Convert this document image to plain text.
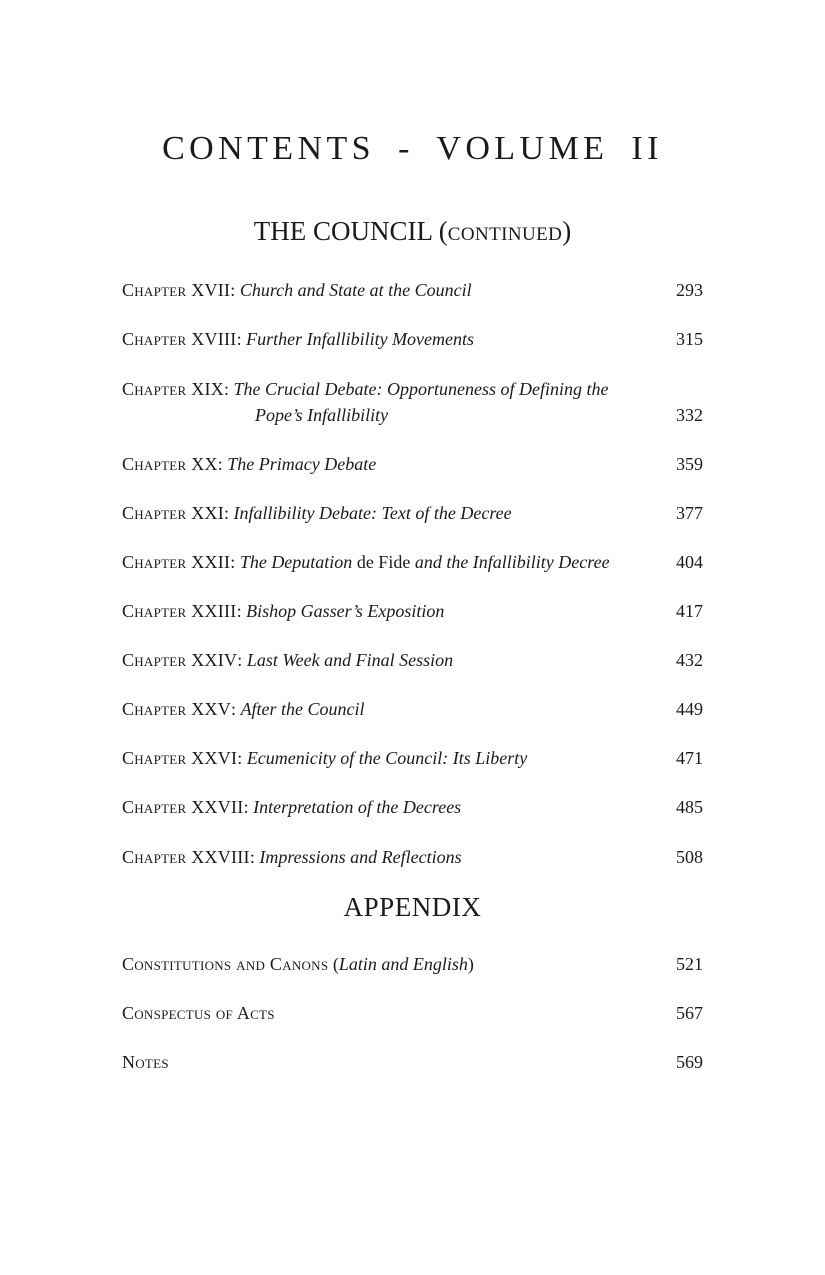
CONTENTS - VOLUME II
THE COUNCIL (continued)
Chapter XVII: Church and State at the Council	293
Chapter XVIII: Further Infallibility Movements	315
Chapter XIX: The Crucial Debate: Opportuneness of Defining the
Pope’s Infallibility	332
Chapter XX: The Primacy Debate	359
Chapter XXI: Infallibility Debate: Text of the Decree	377
Chapter XXII: The Deputation de Fide and the Infallibility Decree	404
Chapter XXIII: Bishop Gasser’s Exposition	417
Chapter XXIV: Last Week and Final Session	432
Chapter XXV: After the Council	449
Chapter XXVI: Ecumenicity of the Council: Its Liberty	471
Chapter XXVII: Interpretation of the Decrees	485
Chapter XXVIII: Impressions and Reflections	508
APPENDIX
Constitutions and Canons (Latin and English)	521
Conspectus of Acts	567
Notes	569
